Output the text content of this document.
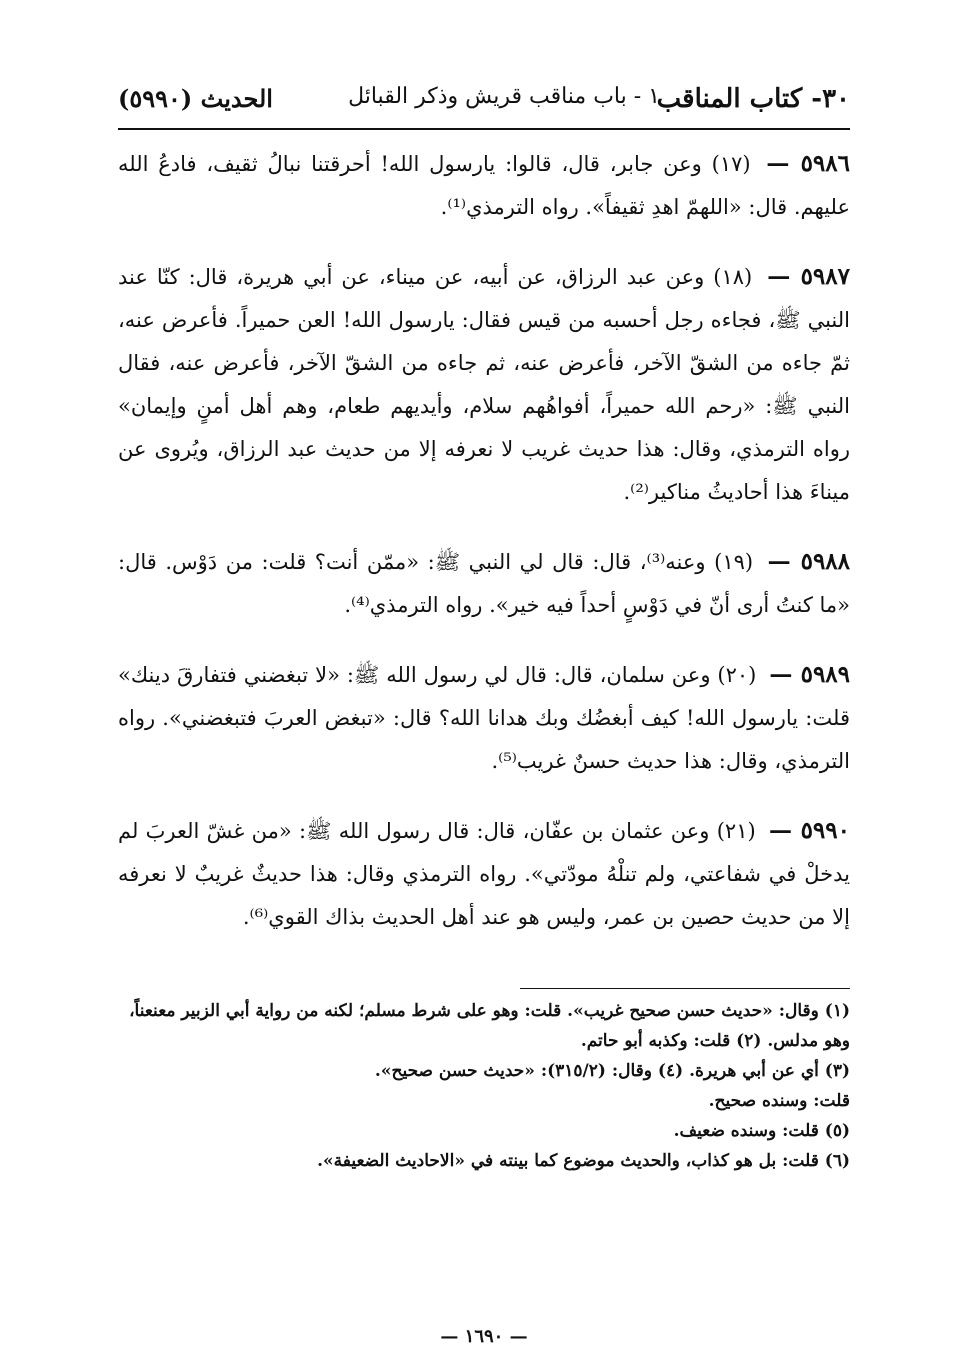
٣٠- كتاب المناقب
١ - باب مناقب قريش وذكر القبائل
الحديث (٥٩٩٠)

٥٩٨٦ — (١٧) وعن جابر، قال، قالوا: يارسول الله! أحرقتنا نبالُ ثقيف، فادعُ الله عليهم. قال: «اللهمّ اهدِ ثقيفاً». رواه الترمذي⁽¹⁾.

٥٩٨٧ — (١٨) وعن عبد الرزاق، عن أبيه، عن ميناء، عن أبي هريرة، قال: كنّا عند النبي ﷺ، فجاءه رجل أحسبه من قيس فقال: يارسول الله! العن حميراً. فأعرض عنه، ثمّ جاءه من الشقّ الآخر، فأعرض عنه، ثم جاءه من الشقّ الآخر، فأعرض عنه، فقال النبي ﷺ: «رحم الله حميراً، أفواهُهم سلام، وأيديهم طعام، وهم أهل أمنٍ وإيمان» رواه الترمذي، وقال: هذا حديث غريب لا نعرفه إلا من حديث عبد الرزاق، ويُروى عن ميناءَ هذا أحاديثُ مناكير⁽²⁾.

٥٩٨٨ — (١٩) وعنه⁽³⁾، قال: قال لي النبي ﷺ: «ممّن أنت؟ قلت: من دَوْس. قال: «ما كنتُ أرى أنّ في دَوْسٍ أحداً فيه خير». رواه الترمذي⁽⁴⁾.

٥٩٨٩ — (٢٠) وعن سلمان، قال: قال لي رسول الله ﷺ: «لا تبغضني فتفارقَ دينك» قلت: يارسول الله! كيف أبغضُك وبك هدانا الله؟ قال: «تبغض العربَ فتبغضني». رواه الترمذي، وقال: هذا حديث حسنٌ غريب⁽⁵⁾.

٥٩٩٠ — (٢١) وعن عثمان بن عفّان، قال: قال رسول الله ﷺ: «من غشّ العربَ لم يدخلْ في شفاعتي، ولم تنلْهُ مودّتي». رواه الترمذي وقال: هذا حديثٌ غريبٌ لا نعرفه إلا من حديث حصين بن عمر، وليس هو عند أهل الحديث بذاك القوي⁽⁶⁾.

(١) وقال: «حديث حسن صحيح غريب». قلت: وهو على شرط مسلم؛ لكنه من رواية أبي الزبير معنعناً، وهو مدلس. (٢) قلت: وكذبه أبو حاتم.

(٣) أي عن أبي هريرة. (٤) وقال: (٣١٥/٢): «حديث حسن صحيح».

قلت: وسنده صحيح.

(٥) قلت: وسنده ضعيف.

(٦) قلت: بل هو كذاب، والحديث موضوع كما بينته في «الاحاديث الضعيفة».

— ١٦٩٠ —
